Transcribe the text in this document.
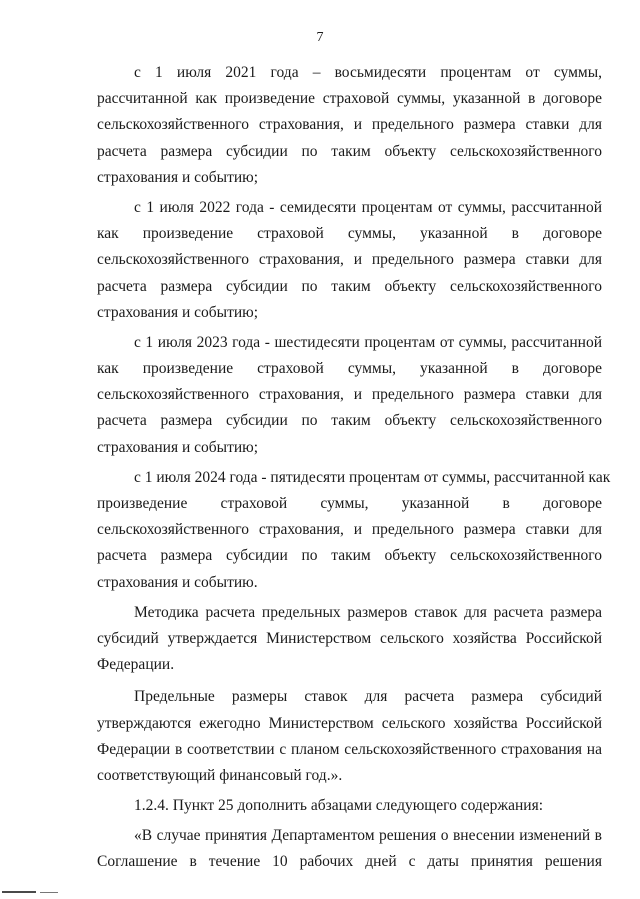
7
с 1 июля 2021 года – восьмидесяти процентам от суммы,
рассчитанной как произведение страховой суммы, указанной в договоре
сельскохозяйственного страхования, и предельного размера ставки для
расчета размера субсидии по таким объекту сельскохозяйственного
страхования и событию;
с 1 июля 2022 года - семидесяти процентам от суммы, рассчитанной
как произведение страховой суммы, указанной в договоре
сельскохозяйственного страхования, и предельного размера ставки для
расчета размера субсидии по таким объекту сельскохозяйственного
страхования и событию;
с 1 июля 2023 года - шестидесяти процентам от суммы, рассчитанной
как произведение страховой суммы, указанной в договоре
сельскохозяйственного страхования, и предельного размера ставки для
расчета размера субсидии по таким объекту сельскохозяйственного
страхования и событию;
с 1 июля 2024 года - пятидесяти процентам от суммы, рассчитанной как
произведение страховой суммы, указанной в договоре
сельскохозяйственного страхования, и предельного размера ставки для
расчета размера субсидии по таким объекту сельскохозяйственного
страхования и событию.
Методика расчета предельных размеров ставок для расчета размера
субсидий утверждается Министерством сельского хозяйства Российской
Федерации.
Предельные размеры ставок для расчета размера субсидий
утверждаются ежегодно Министерством сельского хозяйства Российской
Федерации в соответствии с планом сельскохозяйственного страхования на
соответствующий финансовый год.».
1.2.4. Пункт 25 дополнить абзацами следующего содержания:
«В случае принятия Департаментом решения о внесении изменений в
Соглашение в течение 10 рабочих дней с даты принятия решения
